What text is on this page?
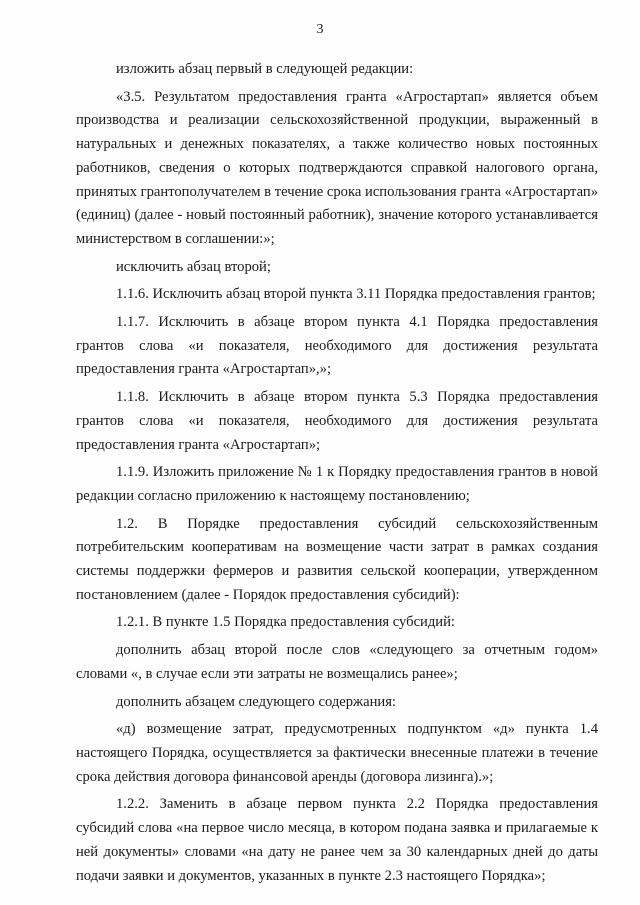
3

изложить абзац первый в следующей редакции:

«3.5. Результатом предоставления гранта «Агростартап» является объем производства и реализации сельскохозяйственной продукции, выраженный в натуральных и денежных показателях, а также количество новых постоянных работников, сведения о которых подтверждаются справкой налогового органа, принятых грантополучателем в течение срока использования гранта «Агростартап» (единиц) (далее - новый постоянный работник), значение которого устанавливается министерством в соглашении:»;

исключить абзац второй;

1.1.6. Исключить абзац второй пункта 3.11 Порядка предоставления грантов;

1.1.7. Исключить в абзаце втором пункта 4.1 Порядка предоставления грантов слова «и показателя, необходимого для достижения результата предоставления гранта «Агростартап»,»;

1.1.8. Исключить в абзаце втором пункта 5.3 Порядка предоставления грантов слова «и показателя, необходимого для достижения результата предоставления гранта «Агростартап»;

1.1.9. Изложить приложение № 1 к Порядку предоставления грантов в новой редакции согласно приложению к настоящему постановлению;

1.2. В Порядке предоставления субсидий сельскохозяйственным потребительским кооперативам на возмещение части затрат в рамках создания системы поддержки фермеров и развития сельской кооперации, утвержденном постановлением (далее - Порядок предоставления субсидий):

1.2.1. В пункте 1.5 Порядка предоставления субсидий:

дополнить абзац второй после слов «следующего за отчетным годом» словами «, в случае если эти затраты не возмещались ранее»;

дополнить абзацем следующего содержания:

«д) возмещение затрат, предусмотренных подпунктом «д» пункта 1.4 настоящего Порядка, осуществляется за фактически внесенные платежи в течение срока действия договора финансовой аренды (договора лизинга).»;

1.2.2. Заменить в абзаце первом пункта 2.2 Порядка предоставления субсидий слова «на первое число месяца, в котором подана заявка и прилагаемые к ней документы» словами «на дату не ранее чем за 30 календарных дней до даты подачи заявки и документов, указанных в пункте 2.3 настоящего Порядка»;
